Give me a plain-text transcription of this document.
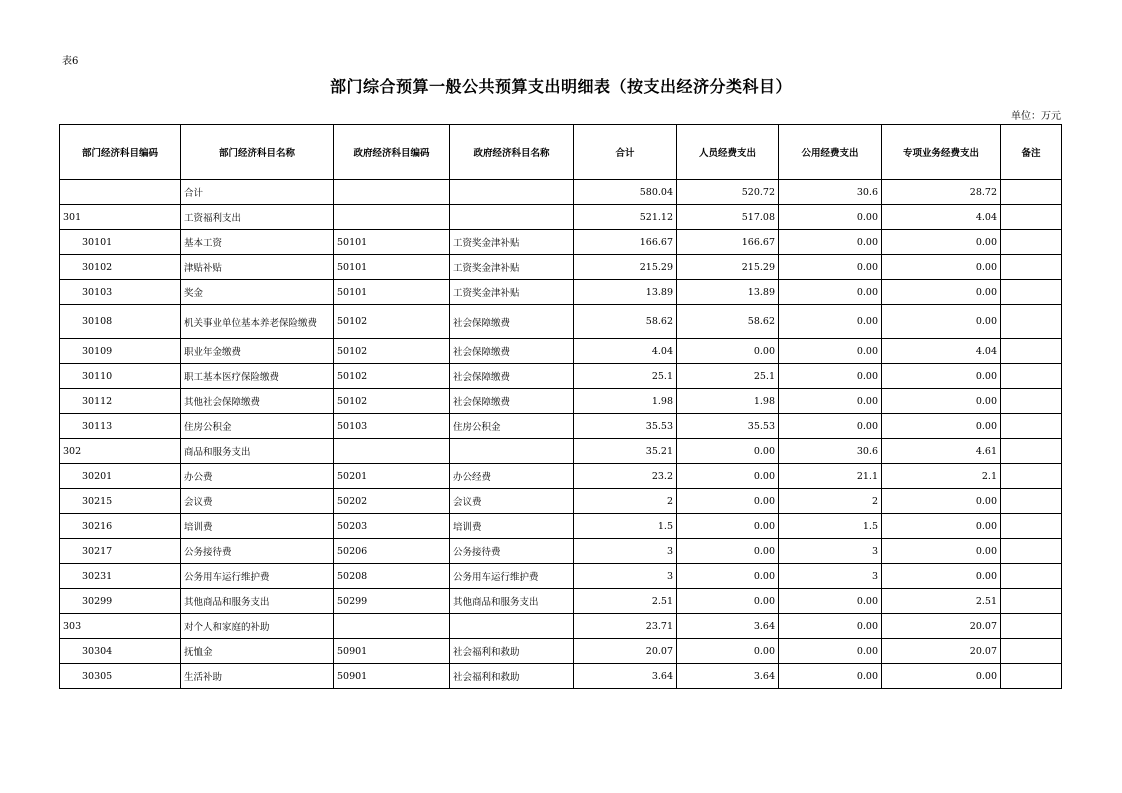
表6
部门综合预算一般公共预算支出明细表（按支出经济分类科目）
单位：万元
部门经济科目编码	部门经济科目名称	政府经济科目编码	政府经济科目名称	合计	人员经费支出	公用经费支出	专项业务经费支出	备注
	合计			580.04	520.72	30.6	28.72	
301	工资福利支出			521.12	517.08	0.00	4.04	
30101	基本工资	50101	工资奖金津补贴	166.67	166.67	0.00	0.00	
30102	津贴补贴	50101	工资奖金津补贴	215.29	215.29	0.00	0.00	
30103	奖金	50101	工资奖金津补贴	13.89	13.89	0.00	0.00	
30108	机关事业单位基本养老保险缴费	50102	社会保障缴费	58.62	58.62	0.00	0.00	
30109	职业年金缴费	50102	社会保障缴费	4.04	0.00	0.00	4.04	
30110	职工基本医疗保险缴费	50102	社会保障缴费	25.1	25.1	0.00	0.00	
30112	其他社会保障缴费	50102	社会保障缴费	1.98	1.98	0.00	0.00	
30113	住房公积金	50103	住房公积金	35.53	35.53	0.00	0.00	
302	商品和服务支出			35.21	0.00	30.6	4.61	
30201	办公费	50201	办公经费	23.2	0.00	21.1	2.1	
30215	会议费	50202	会议费	2	0.00	2	0.00	
30216	培训费	50203	培训费	1.5	0.00	1.5	0.00	
30217	公务接待费	50206	公务接待费	3	0.00	3	0.00	
30231	公务用车运行维护费	50208	公务用车运行维护费	3	0.00	3	0.00	
30299	其他商品和服务支出	50299	其他商品和服务支出	2.51	0.00	0.00	2.51	
303	对个人和家庭的补助			23.71	3.64	0.00	20.07	
30304	抚恤金	50901	社会福利和救助	20.07	0.00	0.00	20.07	
30305	生活补助	50901	社会福利和救助	3.64	3.64	0.00	0.00	
